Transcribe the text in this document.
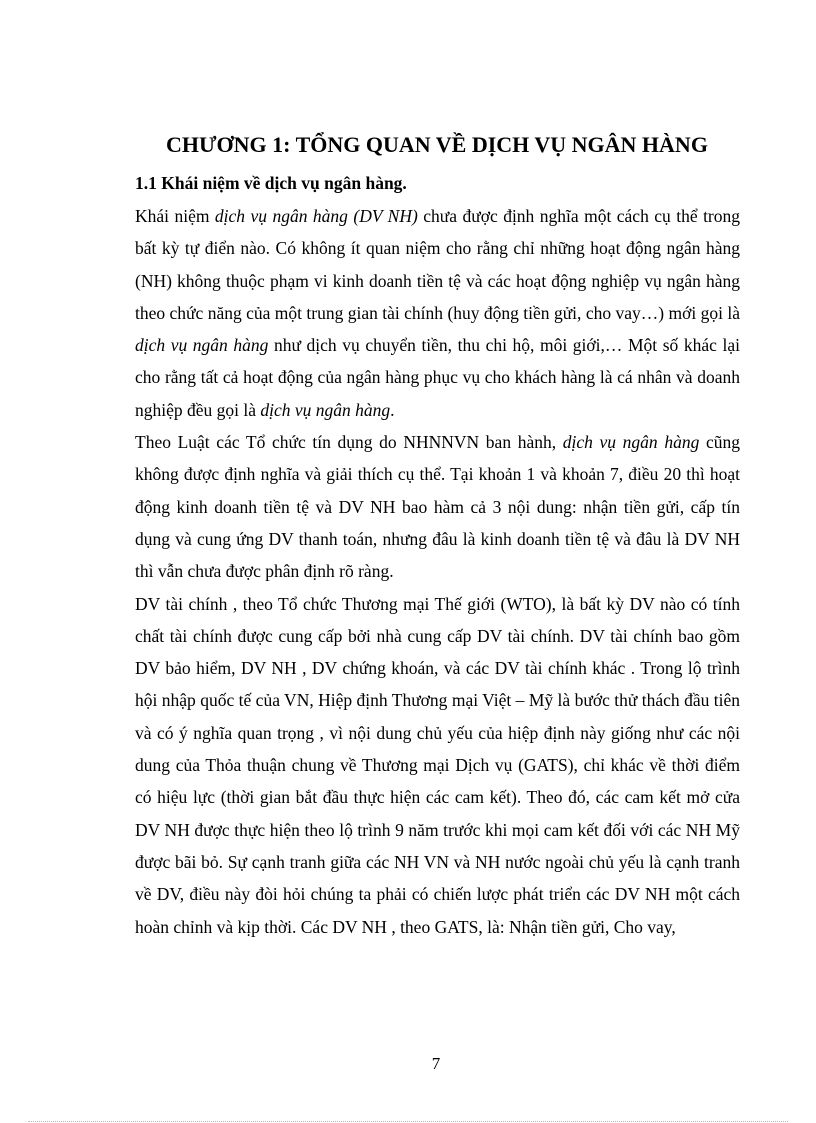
CHƯƠNG 1: TỔNG QUAN VỀ DỊCH VỤ NGÂN HÀNG
1.1 Khái niệm về dịch vụ ngân hàng.

Khái niệm dịch vụ ngân hàng (DV NH) chưa được định nghĩa một cách cụ thể trong bất kỳ tự điển nào. Có không ít quan niệm cho rằng chỉ những hoạt động ngân hàng (NH) không thuộc phạm vi kinh doanh tiền tệ và các hoạt động nghiệp vụ ngân hàng theo chức năng của một trung gian tài chính (huy động tiền gửi, cho vay…) mới gọi là dịch vụ ngân hàng như dịch vụ chuyển tiền, thu chi hộ, môi giới,… Một số khác lại cho rằng tất cả hoạt động của ngân hàng phục vụ cho khách hàng là cá nhân và doanh nghiệp đều gọi là dịch vụ ngân hàng.

Theo Luật các Tổ chức tín dụng do NHNNVN ban hành, dịch vụ ngân hàng cũng không được định nghĩa và giải thích cụ thể. Tại khoản 1 và khoản 7, điều 20 thì hoạt động kinh doanh tiền tệ và DV NH bao hàm cả 3 nội dung: nhận tiền gửi, cấp tín dụng và cung ứng DV thanh toán, nhưng đâu là kinh doanh tiền tệ và đâu là DV NH thì vẫn chưa được phân định rõ ràng.

DV tài chính , theo Tổ chức Thương mại Thế giới (WTO), là bất kỳ DV nào có tính chất tài chính được cung cấp bởi nhà cung cấp DV tài chính. DV tài chính bao gồm DV bảo hiểm, DV NH , DV chứng khoán, và các DV tài chính khác . Trong lộ trình hội nhập quốc tế của VN, Hiệp định Thương mại Việt – Mỹ là bước thử thách đầu tiên và có ý nghĩa quan trọng , vì nội dung chủ yếu của hiệp định này giống như các nội dung của Thỏa thuận chung về Thương mại Dịch vụ (GATS), chỉ khác về thời điểm có hiệu lực (thời gian bắt đầu thực hiện các cam kết). Theo đó, các cam kết mở cửa DV NH được thực hiện theo lộ trình 9 năm trước khi mọi cam kết đối với các NH Mỹ được bãi bỏ. Sự cạnh tranh giữa các NH VN và NH nước ngoài chủ yếu là cạnh tranh về DV, điều này đòi hỏi chúng ta phải có chiến lược phát triển các DV NH một cách hoàn chỉnh và kịp thời. Các DV NH , theo GATS, là: Nhận tiền gửi, Cho vay,

7
